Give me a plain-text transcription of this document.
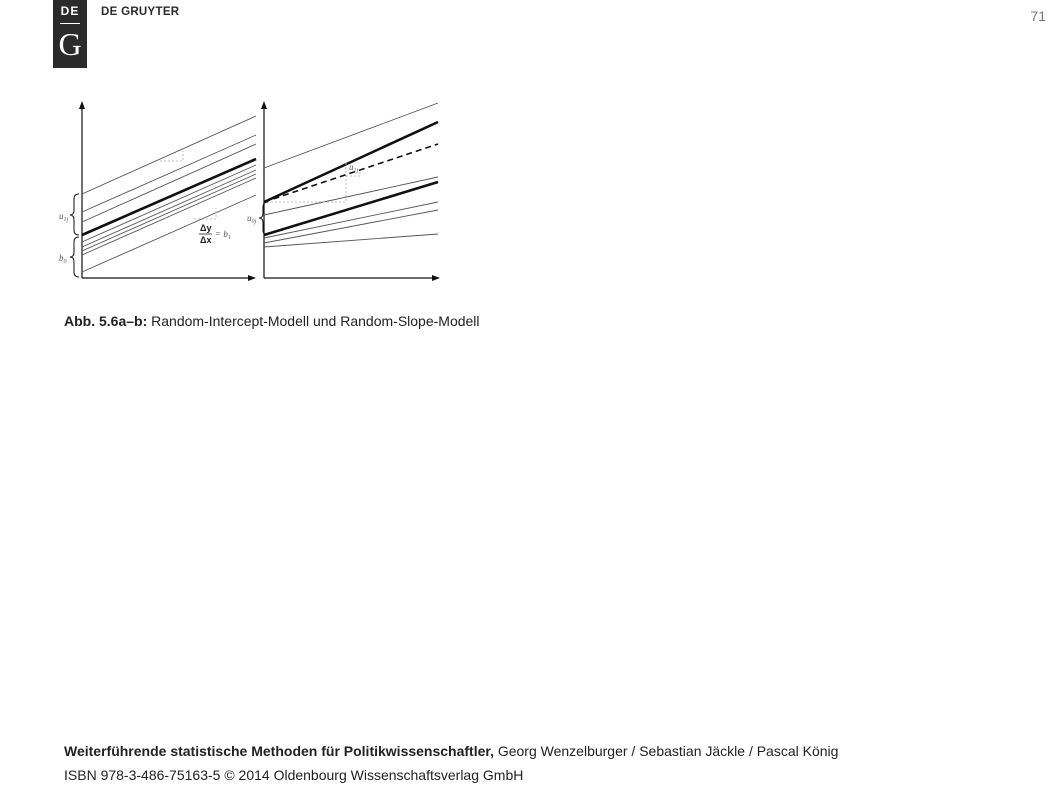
DE
G
DE GRUYTER	71
$u_{1j}$
$b_0$
Δy
Δx
= $b_1$
$u_{0j}$
$u_{1j}$
Abb. 5.6a–b: Random-Intercept-Modell und Random-Slope-Modell
Weiterführende statistische Methoden für Politikwissenschaftler, Georg Wenzelburger / Sebastian Jäckle / Pascal König
ISBN 978-3-486-75163-5 © 2014 Oldenbourg Wissenschaftsverlag GmbH
